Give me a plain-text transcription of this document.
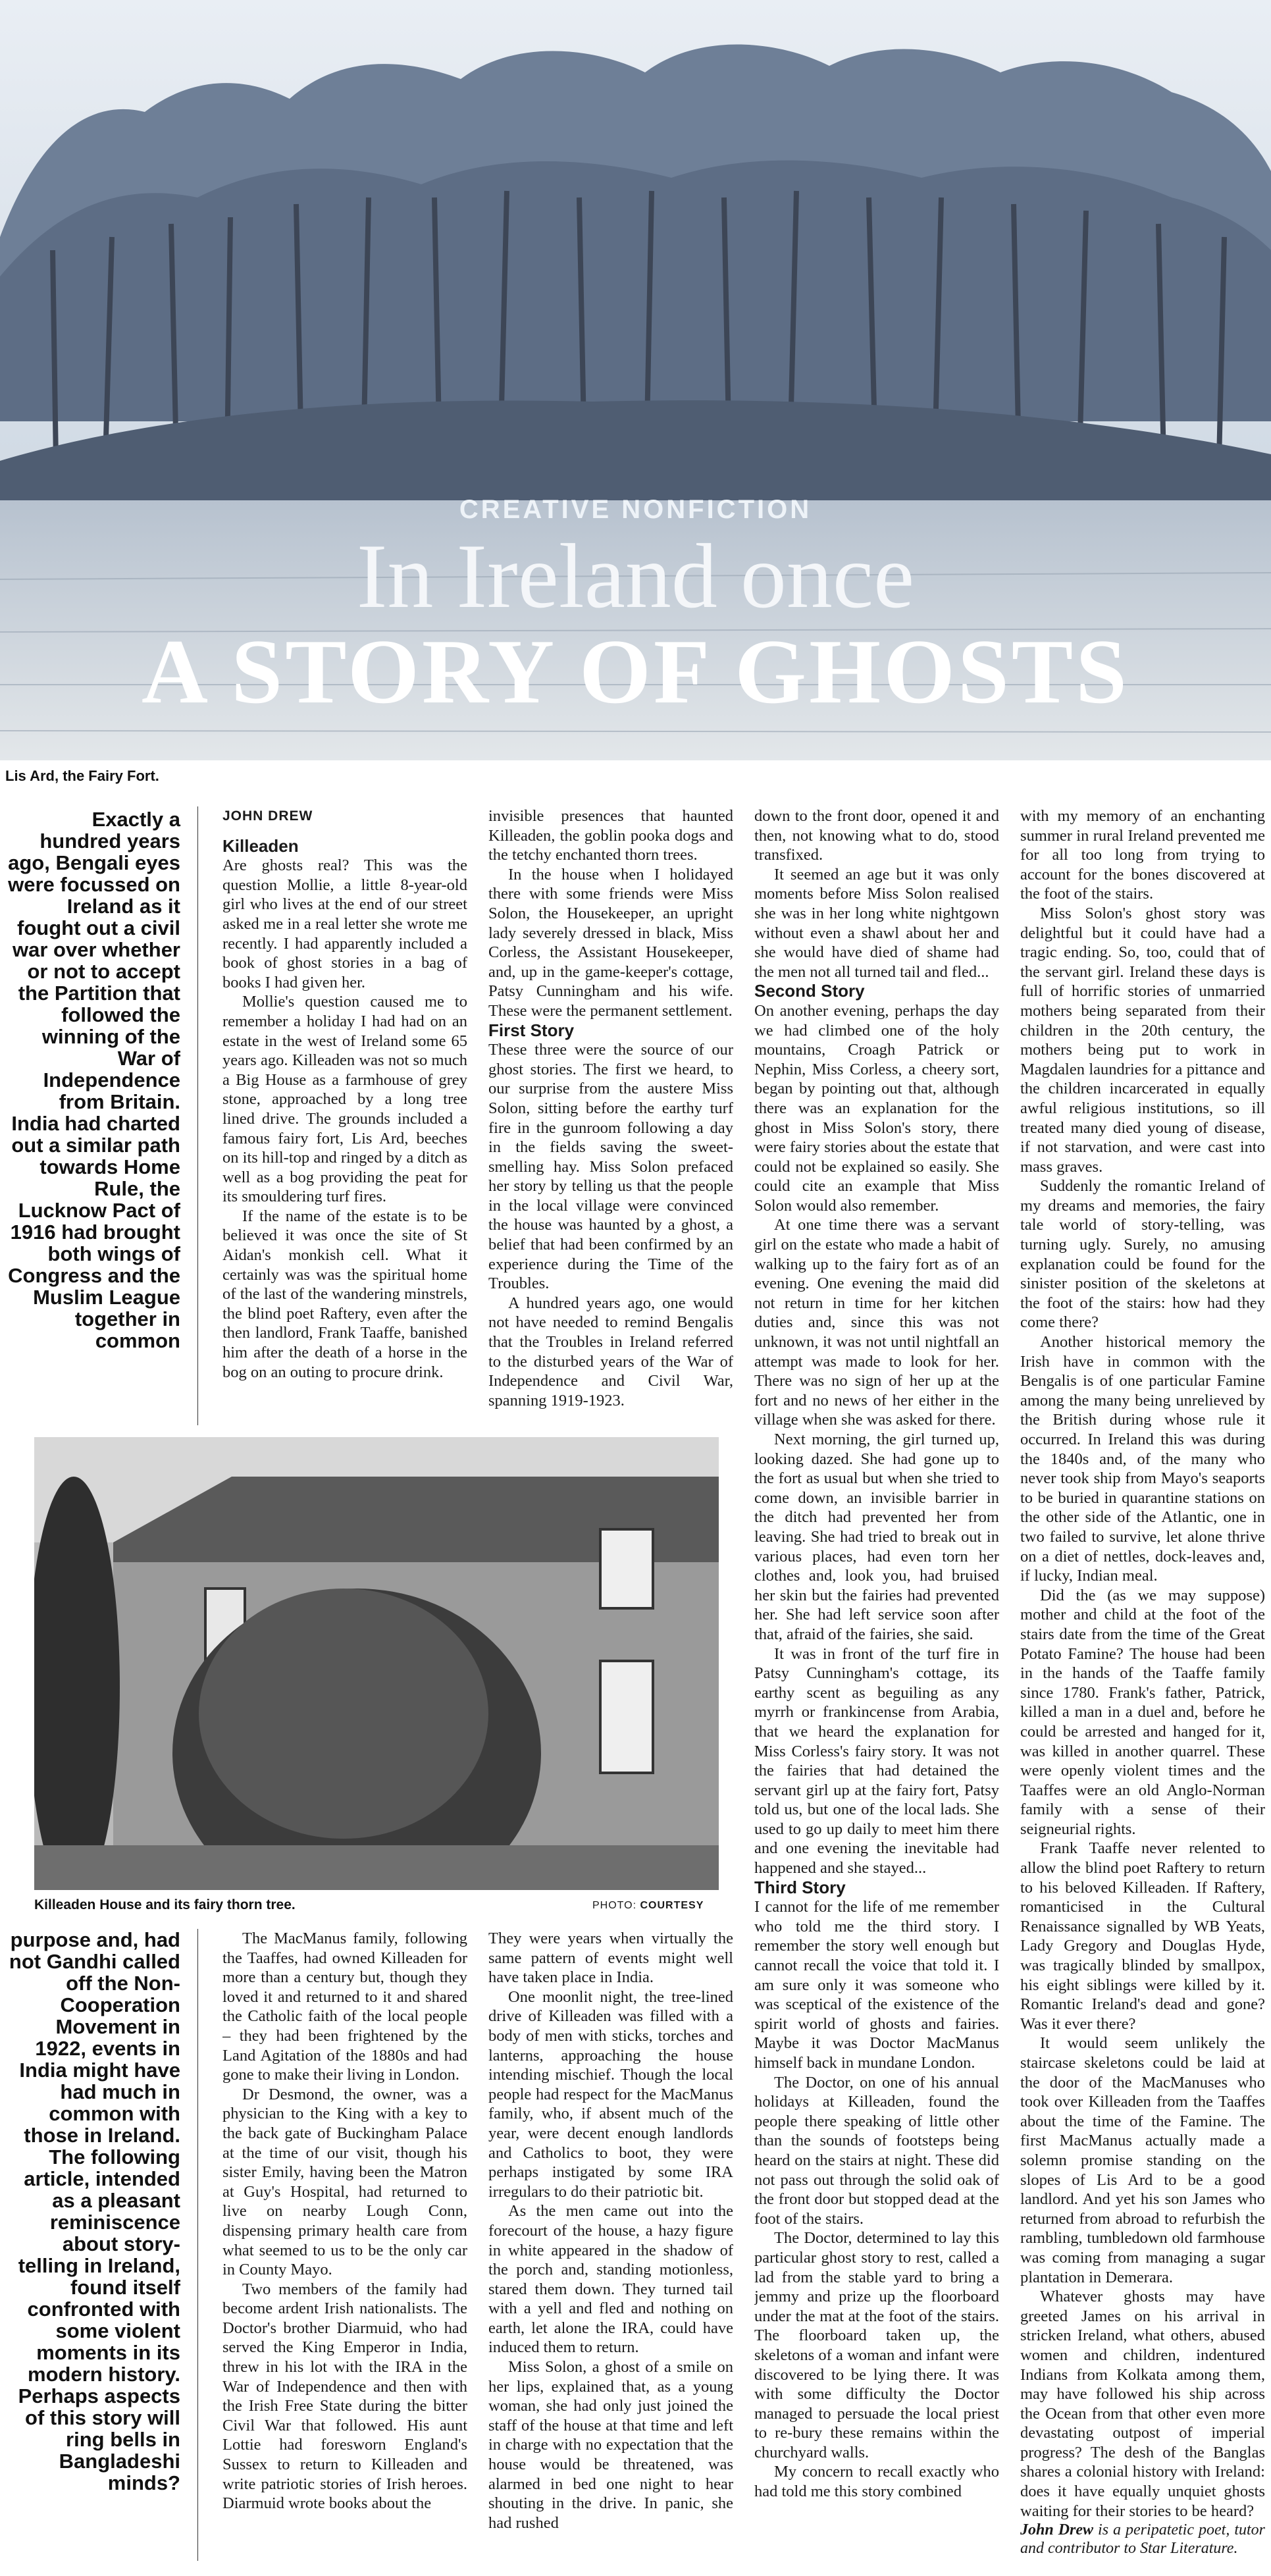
CREATIVE NONFICTION
In Ireland once
A STORY OF GHOSTS
Lis Ard, the Fairy Fort.
Exactly a hundred years ago, Bengali eyes were focussed on Ireland as it fought out a civil war over whether or not to accept the Partition that followed the winning of the War of Independence from Britain. India had charted out a similar path towards Home Rule, the Lucknow Pact of 1916 had brought both wings of Congress and the Muslim League together in common
JOHN DREW
Killeaden

Are ghosts real? This was the question Mollie, a little 8-year-old girl who lives at the end of our street asked me in a real letter she wrote me recently. I had apparently included a book of ghost stories in a bag of books I had given her.

Mollie's question caused me to remember a holiday I had had on an estate in the west of Ireland some 65 years ago. Killeaden was not so much a Big House as a farmhouse of grey stone, approached by a long tree lined drive. The grounds included a famous fairy fort, Lis Ard, beeches on its hill-top and ringed by a ditch as well as a bog providing the peat for its smouldering turf fires.

If the name of the estate is to be believed it was once the site of St Aidan's monkish cell. What it certainly was was the spiritual home of the last of the wandering minstrels, the blind poet Raftery, even after the then landlord, Frank Taaffe, banished him after the death of a horse in the bog on an outing to procure drink.

invisible presences that haunted Killeaden, the goblin pooka dogs and the tetchy enchanted thorn trees.

In the house when I holidayed there with some friends were Miss Solon, the Housekeeper, an upright lady severely dressed in black, Miss Corless, the Assistant Housekeeper, and, up in the game-keeper's cottage, Patsy Cunningham and his wife. These were the permanent settlement.

First Story

These three were the source of our ghost stories. The first we heard, to our surprise from the austere Miss Solon, sitting before the earthy turf fire in the gunroom following a day in the fields saving the sweet-smelling hay. Miss Solon prefaced her story by telling us that the people in the local village were convinced the house was haunted by a ghost, a belief that had been confirmed by an experience during the Time of the Troubles.

A hundred years ago, one would not have needed to remind Bengalis that the Troubles in Ireland referred to the disturbed years of the War of Independence and Civil War, spanning 1919-1923.

Killeaden House and its fairy thorn tree.	PHOTO: COURTESY

down to the front door, opened it and then, not knowing what to do, stood transfixed.

It seemed an age but it was only moments before Miss Solon realised she was in her long white nightgown without even a shawl about her and she would have died of shame had the men not all turned tail and fled...

Second Story

On another evening, perhaps the day we had climbed one of the holy mountains, Croagh Patrick or Nephin, Miss Corless, a cheery sort, began by pointing out that, although there was an explanation for the ghost in Miss Solon's story, there were fairy stories about the estate that could not be explained so easily. She could cite an example that Miss Solon would also remember.

At one time there was a servant girl on the estate who made a habit of walking up to the fairy fort as of an evening. One evening the maid did not return in time for her kitchen duties and, since this was not unknown, it was not until nightfall an attempt was made to look for her. There was no sign of her up at the fort and no news of her either in the village when she was asked for there.

Next morning, the girl turned up, looking dazed. She had gone up to the fort as usual but when she tried to come down, an invisible barrier in the ditch had prevented her from leaving. She had tried to break out in various places, had even torn her clothes and, look you, had bruised her skin but the fairies had prevented her. She had left service soon after that, afraid of the fairies, she said.

It was in front of the turf fire in Patsy Cunningham's cottage, its earthy scent as beguiling as any myrrh or frankincense from Arabia, that we heard the explanation for Miss Corless's fairy story. It was not the fairies that had detained the servant girl up at the fairy fort, Patsy told us, but one of the local lads. She used to go up daily to meet him there and one evening the inevitable had happened and she stayed...

Third Story

I cannot for the life of me remember who told me the third story. I remember the story well enough but cannot recall the voice that told it. I am sure only it was someone who was sceptical of the existence of the spirit world of ghosts and fairies. Maybe it was Doctor MacManus himself back in mundane London.

The Doctor, on one of his annual holidays at Killeaden, found the people there speaking of little other than the sounds of footsteps being heard on the stairs at night. These did not pass out through the solid oak of the front door but stopped dead at the foot of the stairs.

The Doctor, determined to lay this particular ghost story to rest, called a lad from the stable yard to bring a jemmy and prize up the floorboard under the mat at the foot of the stairs. The floorboard taken up, the skeletons of a woman and infant were discovered to be lying there. It was with some difficulty the Doctor managed to persuade the local priest to re-bury these remains within the churchyard walls.

My concern to recall exactly who had told me this story combined

with my memory of an enchanting summer in rural Ireland prevented me for all too long from trying to account for the bones discovered at the foot of the stairs.

Miss Solon's ghost story was delightful but it could have had a tragic ending. So, too, could that of the servant girl. Ireland these days is full of horrific stories of unmarried mothers being separated from their children in the 20th century, the mothers being put to work in Magdalen laundries for a pittance and the children incarcerated in equally awful religious institutions, so ill treated many died young of disease, if not starvation, and were cast into mass graves.

Suddenly the romantic Ireland of my dreams and memories, the fairy tale world of story-telling, was turning ugly. Surely, no amusing explanation could be found for the sinister position of the skeletons at the foot of the stairs: how had they come there?

Another historical memory the Irish have in common with the Bengalis is of one particular Famine among the many being unrelieved by the British during whose rule it occurred. In Ireland this was during the 1840s and, of the many who never took ship from Mayo's seaports to be buried in quarantine stations on the other side of the Atlantic, one in two failed to survive, let alone thrive on a diet of nettles, dock-leaves and, if lucky, Indian meal.

Did the (as we may suppose) mother and child at the foot of the stairs date from the time of the Great Potato Famine? The house had been in the hands of the Taaffe family since 1780. Frank's father, Patrick, killed a man in a duel and, before he could be arrested and hanged for it, was killed in another quarrel. These were openly violent times and the Taaffes were an old Anglo-Norman family with a sense of their seigneurial rights.

Frank Taaffe never relented to allow the blind poet Raftery to return to his beloved Killeaden. If Raftery, romanticised in the Cultural Renaissance signalled by WB Yeats, Lady Gregory and Douglas Hyde, was tragically blinded by smallpox, his eight siblings were killed by it. Romantic Ireland's dead and gone? Was it ever there?

It would seem unlikely the staircase skeletons could be laid at the door of the MacManuses who took over Killeaden from the Taaffes about the time of the Famine. The first MacManus actually made a solemn promise standing on the slopes of Lis Ard to be a good landlord. And yet his son James who returned from abroad to refurbish the rambling, tumbledown old farmhouse was coming from managing a sugar plantation in Demerara.

Whatever ghosts may have greeted James on his arrival in stricken Ireland, what others, abused women and children, indentured Indians from Kolkata among them, may have followed his ship across the Ocean from that other even more devastating outpost of imperial progress? The desh of the Banglas shares a colonial history with Ireland: does it have equally unquiet ghosts waiting for their stories to be heard?

John Drew is a peripatetic poet, tutor and contributor to Star Literature.

purpose and, had not Gandhi called off the Non-Cooperation Movement in 1922, events in India might have had much in common with those in Ireland. The following article, intended as a pleasant reminiscence about story-telling in Ireland, found itself confronted with some violent moments in its modern history. Perhaps aspects of this story will ring bells in Bangladeshi minds?

The MacManus family, following the Taaffes, had owned Killeaden for more than a century but, though they loved it and returned to it and shared the Catholic faith of the local people – they had been frightened by the Land Agitation of the 1880s and had gone to make their living in London.

Dr Desmond, the owner, was a physician to the King with a key to the back gate of Buckingham Palace at the time of our visit, though his sister Emily, having been the Matron at Guy's Hospital, had returned to live on nearby Lough Conn, dispensing primary health care from what seemed to us to be the only car in County Mayo.

Two members of the family had become ardent Irish nationalists. The Doctor's brother Diarmuid, who had served the King Emperor in India, threw in his lot with the IRA in the War of Independence and then with the Irish Free State during the bitter Civil War that followed. His aunt Lottie had foresworn England's Sussex to return to Killeaden and write patriotic stories of Irish heroes. Diarmuid wrote books about the

They were years when virtually the same pattern of events might well have taken place in India.

One moonlit night, the tree-lined drive of Killeaden was filled with a body of men with sticks, torches and lanterns, approaching the house intending mischief. Though the local people had respect for the MacManus family, who, if absent much of the year, were decent enough landlords and Catholics to boot, they were perhaps instigated by some IRA irregulars to do their patriotic bit.

As the men came out into the forecourt of the house, a hazy figure in white appeared in the shadow of the porch and, standing motionless, stared them down. They turned tail with a yell and fled and nothing on earth, let alone the IRA, could have induced them to return.

Miss Solon, a ghost of a smile on her lips, explained that, as a young woman, she had only just joined the staff of the house at that time and left in charge with no expectation that the house would be threatened, was alarmed in bed one night to hear shouting in the drive. In panic, she had rushed
